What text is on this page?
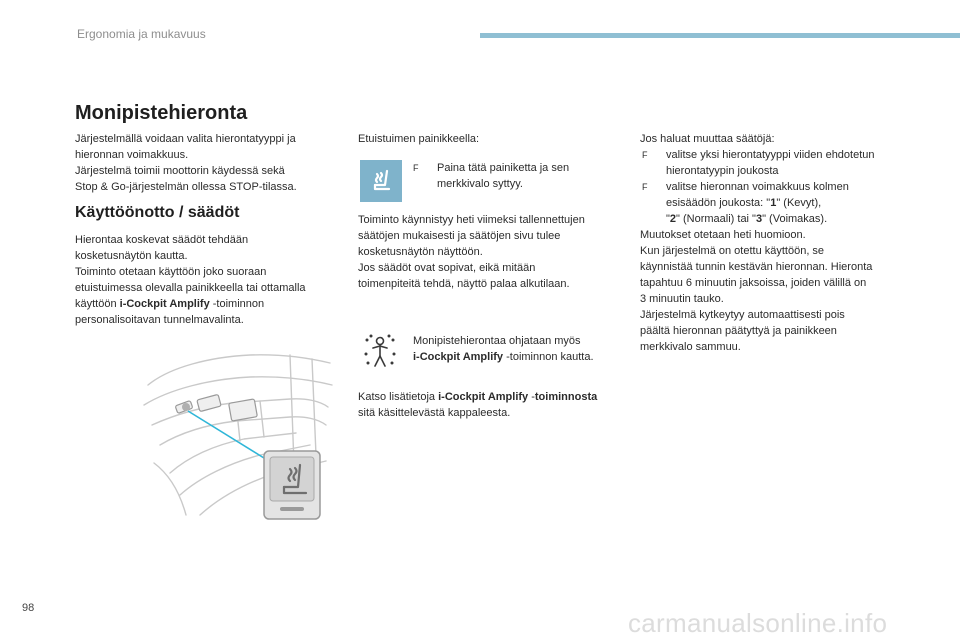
Ergonomia ja mukavuus
Monipistehieronta
Järjestelmällä voidaan valita hierontatyyppi ja
hieronnan voimakkuus.
Järjestelmä toimii moottorin käydessä sekä
Stop & Go-järjestelmän ollessa STOP-tilassa.
Käyttöönotto / säädöt
Hierontaa koskevat säädöt tehdään
kosketusnäytön kautta.
Toiminto otetaan käyttöön joko suoraan
etuistuimessa olevalla painikkeella tai ottamalla
käyttöön i-Cockpit Amplify -toiminnon
personalisoitavan tunnelmavalinta.
Etuistuimen painikkeella:
F Paina tätä painiketta ja sen
merkkivalo syttyy.
Toiminto käynnistyy heti viimeksi tallennettujen
säätöjen mukaisesti ja säätöjen sivu tulee
kosketusnäytön näyttöön.
Jos säädöt ovat sopivat, eikä mitään
toimenpiteitä tehdä, näyttö palaa alkutilaan.
Monipistehierontaa ohjataan myös
i-Cockpit Amplify -toiminnon kautta.
Katso lisätietoja i-Cockpit Amplify -toiminnosta
sitä käsittelevästä kappaleesta.
Jos haluat muuttaa säätöjä:
F valitse yksi hierontatyyppi viiden ehdotetun
hierontatyypin joukosta
F valitse hieronnan voimakkuus kolmen
esisäädön joukosta: "1" (Kevyt),
"2" (Normaali) tai "3" (Voimakas).
Muutokset otetaan heti huomioon.
Kun järjestelmä on otettu käyttöön, se
käynnistää tunnin kestävän hieronnan. Hieronta
tapahtuu 6 minuutin jaksoissa, joiden välillä on
3 minuutin tauko.
Järjestelmä kytkeytyy automaattisesti pois
päältä hieronnan päätyttyä ja painikkeen
merkkivalo sammuu.
98	carmanualsonline.info
